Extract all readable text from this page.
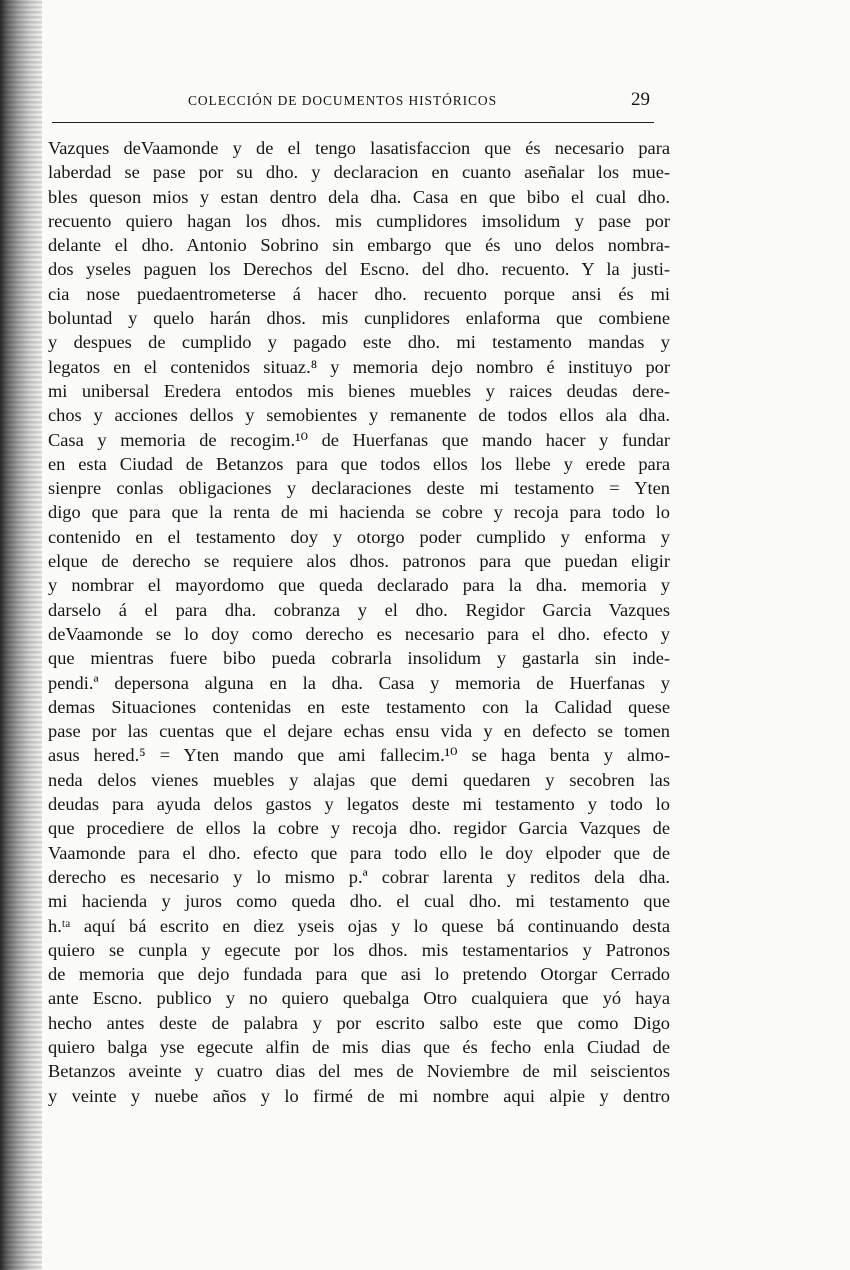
COLECCIÓN DE DOCUMENTOS HISTÓRICOS	29
Vazques deVaamonde y de el tengo lasatisfaccion que és necesario para
laberdad se pase por su dho. y declaracion en cuanto aseñalar los mue-
bles queson mios y estan dentro dela dha. Casa en que bibo el cual dho.
recuento quiero hagan los dhos. mis cumplidores imsolidum y pase por
delante el dho. Antonio Sobrino sin embargo que és uno delos nombra-
dos yseles paguen los Derechos del Escno. del dho. recuento. Y la justi-
cia nose puedaentrometerse á hacer dho. recuento porque ansi és mi
boluntad y quelo harán dhos. mis cunplidores enlaforma que combiene
y despues de cumplido y pagado este dho. mi testamento mandas y
legatos en el contenidos situaz.⁸ y memoria dejo nombro é instituyo por
mi unibersal Eredera entodos mis bienes muebles y raices deudas dere-
chos y acciones dellos y semobientes y remanente de todos ellos ala dha.
Casa y memoria de recogim.¹⁰ de Huerfanas que mando hacer y fundar
en esta Ciudad de Betanzos para que todos ellos los llebe y erede para
sienpre conlas obligaciones y declaraciones deste mi testamento = Yten
digo que para que la renta de mi hacienda se cobre y recoja para todo lo
contenido en el testamento doy y otorgo poder cumplido y enforma y
elque de derecho se requiere alos dhos. patronos para que puedan eligir
y nombrar el mayordomo que queda declarado para la dha. memoria y
darselo á el para dha. cobranza y el dho. Regidor Garcia Vazques
deVaamonde se lo doy como derecho es necesario para el dho. efecto y
que mientras fuere bibo pueda cobrarla insolidum y gastarla sin inde-
pendi.ª depersona alguna en la dha. Casa y memoria de Huerfanas y
demas Situaciones contenidas en este testamento con la Calidad quese
pase por las cuentas que el dejare echas ensu vida y en defecto se tomen
asus hered.⁵ = Yten mando que ami fallecim.¹⁰ se haga benta y almo-
neda delos vienes muebles y alajas que demi quedaren y secobren las
deudas para ayuda delos gastos y legatos deste mi testamento y todo lo
que procediere de ellos la cobre y recoja dho. regidor Garcia Vazques de
Vaamonde para el dho. efecto que para todo ello le doy elpoder que de
derecho es necesario y lo mismo p.ª cobrar larenta y reditos dela dha.
mi hacienda y juros como queda dho. el cual dho. mi testamento que
h.ᵗᵃ aquí bá escrito en diez yseis ojas y lo quese bá continuando desta
quiero se cunpla y egecute por los dhos. mis testamentarios y Patronos
de memoria que dejo fundada para que asi lo pretendo Otorgar Cerrado
ante Escno. publico y no quiero quebalga Otro cualquiera que yó haya
hecho antes deste de palabra y por escrito salbo este que como Digo
quiero balga yse egecute alfin de mis dias que és fecho enla Ciudad de
Betanzos aveinte y cuatro dias del mes de Noviembre de mil seiscientos
y veinte y nuebe años y lo firmé de mi nombre aqui alpie y dentro
